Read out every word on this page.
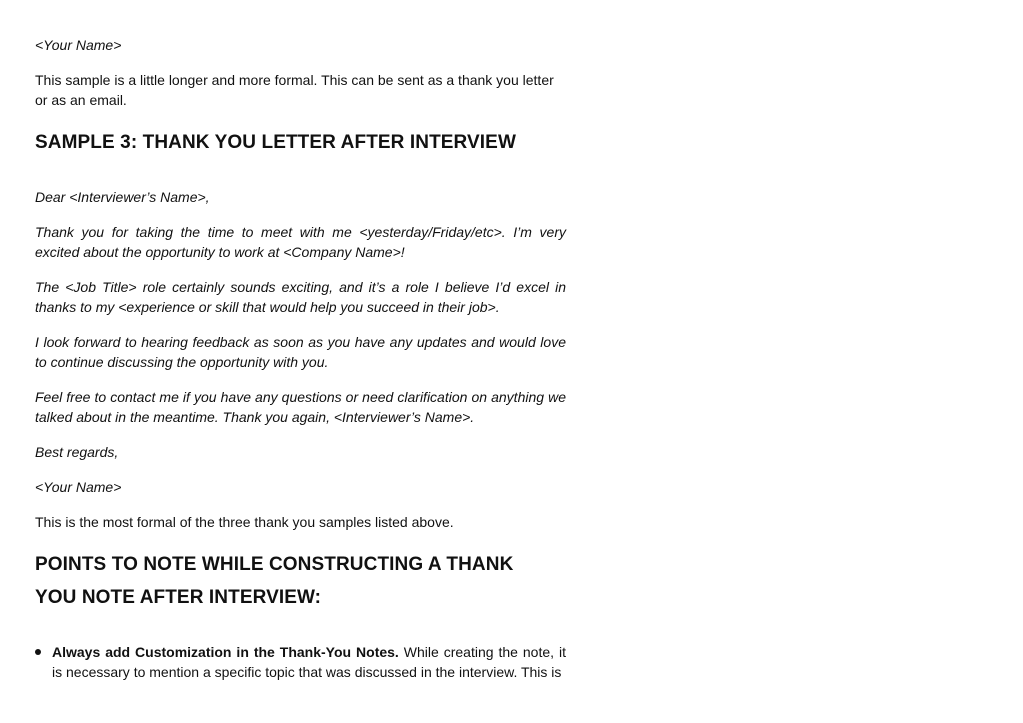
<Your Name>

This sample is a little longer and more formal. This can be sent as a thank you letter or as an email.

SAMPLE 3: THANK YOU LETTER AFTER INTERVIEW

Dear <Interviewer’s Name>,

Thank you for taking the time to meet with me <yesterday/Friday/etc>. I’m very excited about the opportunity to work at <Company Name>!

The <Job Title> role certainly sounds exciting, and it’s a role I believe I’d excel in thanks to my <experience or skill that would help you succeed in their job>.

I look forward to hearing feedback as soon as you have any updates and would love to continue discussing the opportunity with you.

Feel free to contact me if you have any questions or need clarification on anything we talked about in the meantime. Thank you again, <Interviewer’s Name>.

Best regards,

<Your Name>

This is the most formal of the three thank you samples listed above.

POINTS TO NOTE WHILE CONSTRUCTING A THANK
YOU NOTE AFTER INTERVIEW:
Always add Customization in the Thank-You Notes. While creating the note, it is necessary to mention a specific topic that was discussed in the interview. This is
